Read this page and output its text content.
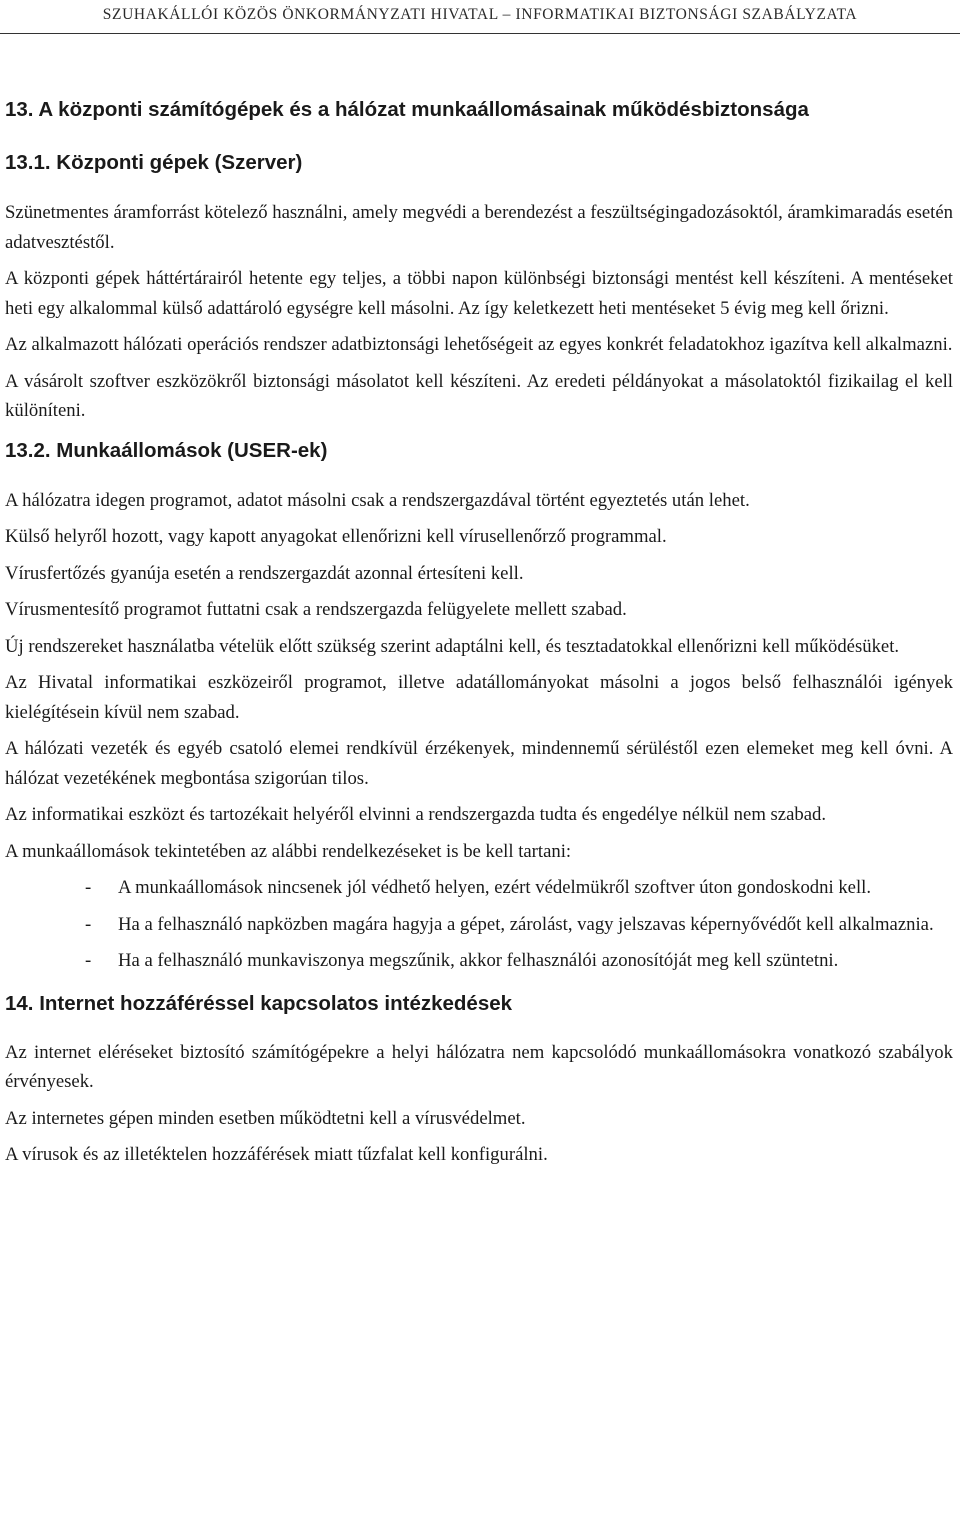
SZUHAKÁLLÓI KÖZÖS ÖNKORMÁNYZATI HIVATAL – INFORMATIKAI BIZTONSÁGI SZABÁLYZATA
13. A központi számítógépek és a hálózat munkaállomásainak működésbiztonsága
13.1. Központi gépek (Szerver)

Szünetmentes áramforrást kötelező használni, amely megvédi a berendezést a feszültségingadozásoktól, áramkimaradás esetén adatvesztéstől.

A központi gépek háttértárairól hetente egy teljes, a többi napon különbségi biztonsági mentést kell készíteni. A mentéseket heti egy alkalommal külső adattároló egységre kell másolni. Az így keletkezett heti mentéseket 5 évig meg kell őrizni.

Az alkalmazott hálózati operációs rendszer adatbiztonsági lehetőségeit az egyes konkrét feladatokhoz igazítva kell alkalmazni.

A vásárolt szoftver eszközökről biztonsági másolatot kell készíteni. Az eredeti példányokat a másolatoktól fizikailag el kell különíteni.

13.2. Munkaállomások (USER-ek)

A hálózatra idegen programot, adatot másolni csak a rendszergazdával történt egyeztetés után lehet.

Külső helyről hozott, vagy kapott anyagokat ellenőrizni kell vírusellenőrző programmal.

Vírusfertőzés gyanúja esetén a rendszergazdát azonnal értesíteni kell.

Vírusmentesítő programot futtatni csak a rendszergazda felügyelete mellett szabad.

Új rendszereket használatba vételük előtt szükség szerint adaptálni kell, és tesztadatokkal ellenőrizni kell működésüket.

Az Hivatal informatikai eszközeiről programot, illetve adatállományokat másolni a jogos belső felhasználói igények kielégítésein kívül nem szabad.

A hálózati vezeték és egyéb csatoló elemei rendkívül érzékenyek, mindennemű sérüléstől ezen elemeket meg kell óvni. A hálózat vezetékének megbontása szigorúan tilos.

Az informatikai eszközt és tartozékait helyéről elvinni a rendszergazda tudta és engedélye nélkül nem szabad.

A munkaállomások tekintetében az alábbi rendelkezéseket is be kell tartani:

- A munkaállomások nincsenek jól védhető helyen, ezért védelmükről szoftver úton gondoskodni kell.
- Ha a felhasználó napközben magára hagyja a gépet, zárolást, vagy jelszavas képernyővédőt kell alkalmaznia.
- Ha a felhasználó munkaviszonya megszűnik, akkor felhasználói azonosítóját meg kell szüntetni.
14. Internet hozzáféréssel kapcsolatos intézkedések

Az internet eléréseket biztosító számítógépekre a helyi hálózatra nem kapcsolódó munkaállomásokra vonatkozó szabályok érvényesek.

Az internetes gépen minden esetben működtetni kell a vírusvédelmet.

A vírusok és az illetéktelen hozzáférések miatt tűzfalat kell konfigurálni.
